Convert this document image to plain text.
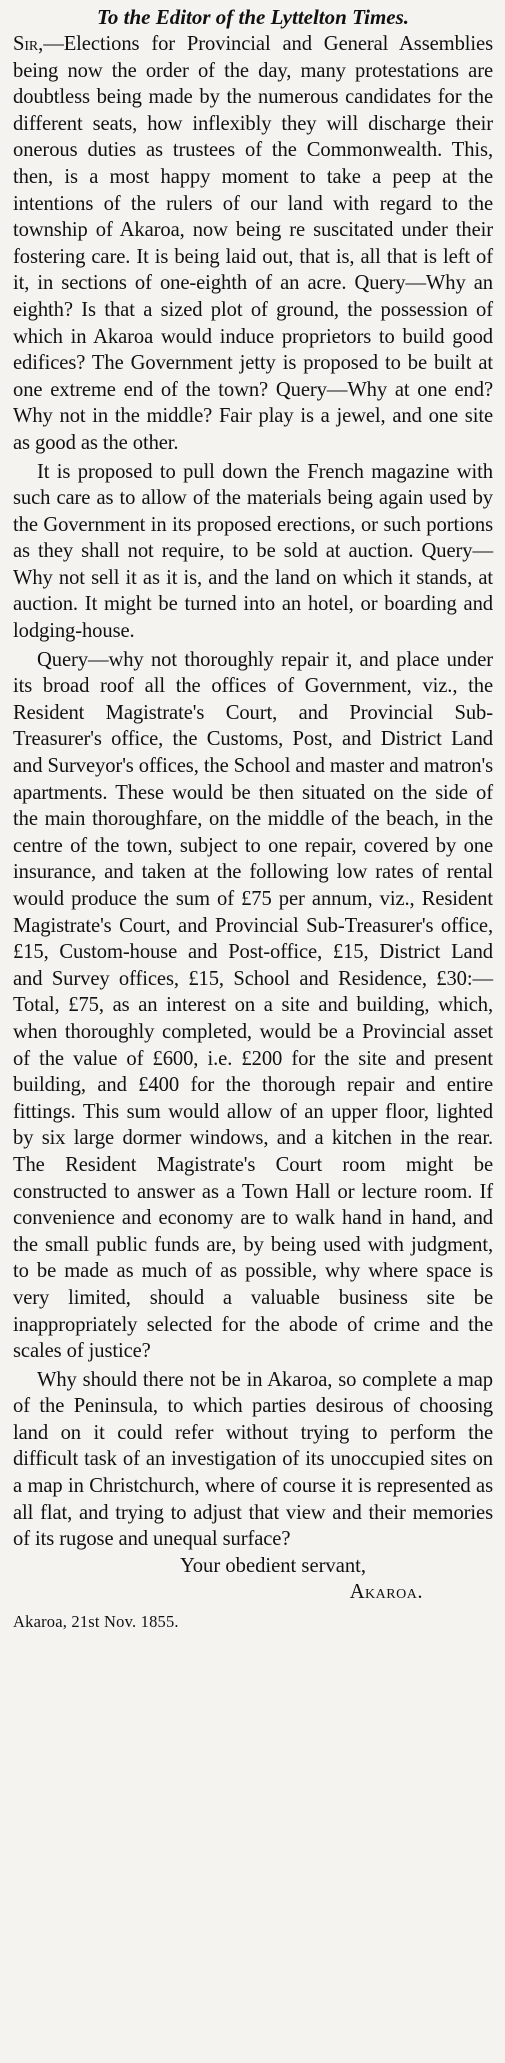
To the Editor of the Lyttelton Times.

Sir,—Elections for Provincial and General Assemblies being now the order of the day, many protestations are doubtless being made by the numerous candidates for the different seats, how inflexibly they will discharge their onerous duties as trustees of the Commonwealth. This, then, is a most happy moment to take a peep at the intentions of the rulers of our land with regard to the township of Akaroa, now being re suscitated under their fostering care. It is being laid out, that is, all that is left of it, in sections of one-eighth of an acre. Query—Why an eighth? Is that a sized plot of ground, the possession of which in Akaroa would induce proprietors to build good edifices? The Government jetty is proposed to be built at one extreme end of the town? Query—Why at one end? Why not in the middle? Fair play is a jewel, and one site as good as the other.

It is proposed to pull down the French magazine with such care as to allow of the materials being again used by the Government in its proposed erections, or such portions as they shall not require, to be sold at auction. Query—Why not sell it as it is, and the land on which it stands, at auction. It might be turned into an hotel, or boarding and lodging-house.

Query—why not thoroughly repair it, and place under its broad roof all the offices of Government, viz., the Resident Magistrate's Court, and Provincial Sub-Treasurer's office, the Customs, Post, and District Land and Surveyor's offices, the School and master and matron's apartments. These would be then situated on the side of the main thoroughfare, on the middle of the beach, in the centre of the town, subject to one repair, covered by one insurance, and taken at the following low rates of rental would produce the sum of £75 per annum, viz., Resident Magistrate's Court, and Provincial Sub-Treasurer's office, £15, Custom-house and Post-office, £15, District Land and Survey offices, £15, School and Residence, £30:—Total, £75, as an interest on a site and building, which, when thoroughly completed, would be a Provincial asset of the value of £600, i.e. £200 for the site and present building, and £400 for the thorough repair and entire fittings. This sum would allow of an upper floor, lighted by six large dormer windows, and a kitchen in the rear. The Resident Magistrate's Court room might be constructed to answer as a Town Hall or lecture room. If convenience and economy are to walk hand in hand, and the small public funds are, by being used with judgment, to be made as much of as possible, why where space is very limited, should a valuable business site be inappropriately selected for the abode of crime and the scales of justice?

Why should there not be in Akaroa, so complete a map of the Peninsula, to which parties desirous of choosing land on it could refer without trying to perform the difficult task of an investigation of its unoccupied sites on a map in Christchurch, where of course it is represented as all flat, and trying to adjust that view and their memories of its rugose and unequal surface?

Your obedient servant,

Akaroa.

Akaroa, 21st Nov. 1855.
